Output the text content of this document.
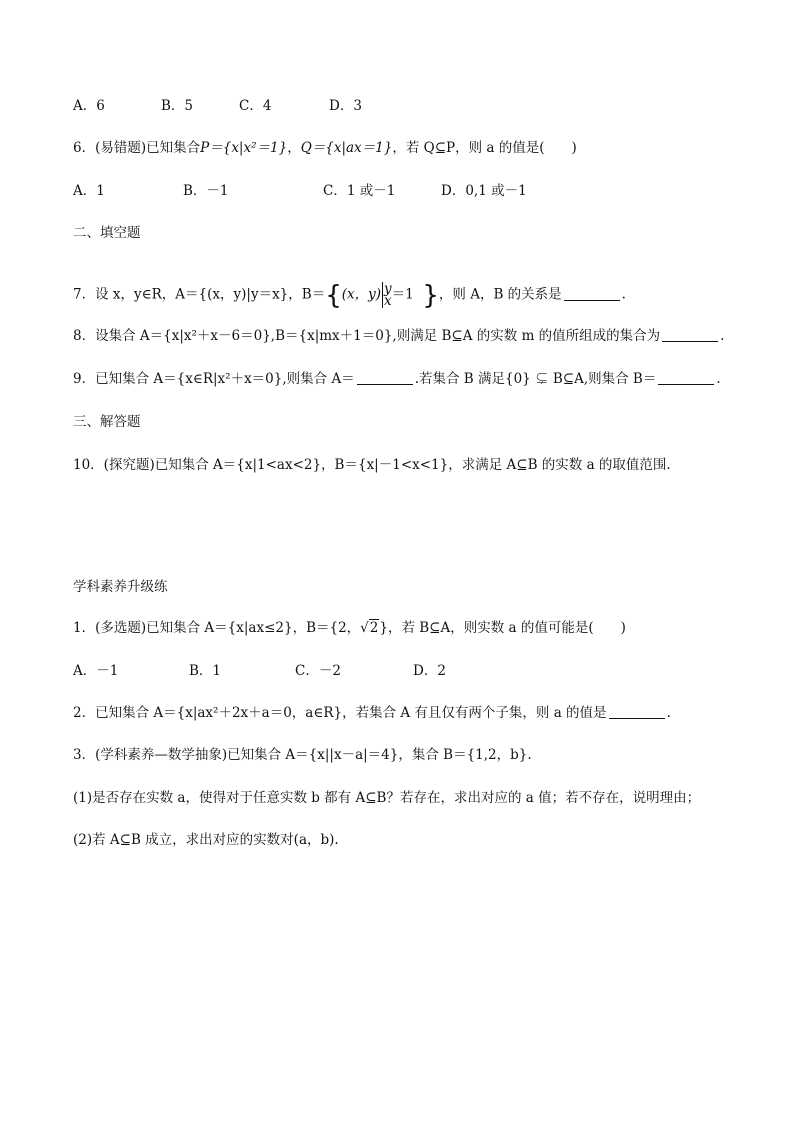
A．6	B．5	C．4	D．3
6．(易错题)已知集合P＝{x|x²＝1}，Q＝{x|ax＝1}，若 Q⊆P，则 a 的值是(　　)
A．1	B．－1	C．1 或－1	D．0,1 或－1
二、填空题
7．设 x，y∈R，A＝{(x，y)|y＝x}，B＝{(x，y) y
x ＝1 }，则 A，B 的关系是	.
8．设集合 A＝{x|x²＋x－6＝0},B＝{x|mx＋1＝0},则满足 B⊆A 的实数 m 的值所组成的集合为	.
9．已知集合 A＝{x∈R|x²＋x＝0},则集合 A＝	.若集合 B 满足{0} ⊊ B⊆A,则集合 B＝	.
三、解答题
10．(探究题)已知集合 A＝{x|1<ax<2}，B＝{x|－1<x<1}，求满足 A⊆B 的实数 a 的取值范围.
学科素养升级练
1．(多选题)已知集合 A＝{x|ax≤2}，B＝{2，√2}，若 B⊆A，则实数 a 的值可能是(　　)
A．－1	B．1	C．－2	D．2
2．已知集合 A＝{x|ax²＋2x＋a＝0，a∈R}，若集合 A 有且仅有两个子集，则 a 的值是	.
3．(学科素养—数学抽象)已知集合 A＝{x||x－a|＝4}，集合 B＝{1,2，b}.
(1)是否存在实数 a，使得对于任意实数 b 都有 A⊆B？若存在，求出对应的 a 值；若不存在，说明理由；
(2)若 A⊆B 成立，求出对应的实数对(a，b).
